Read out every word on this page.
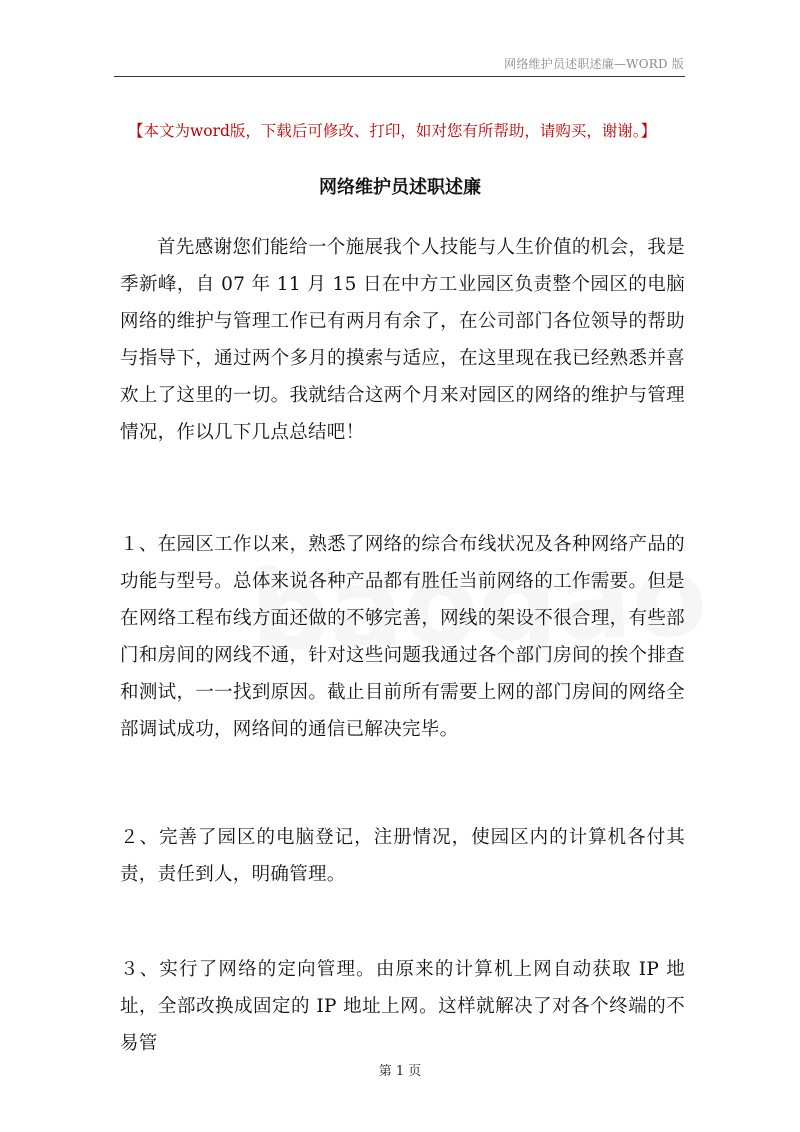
网络维护员述职述廉—WORD 版
【本文为word版，下载后可修改、打印，如对您有所帮助，请购买，谢谢。】
网络维护员述职述廉
首先感谢您们能给一个施展我个人技能与人生价值的机会，我是季新峰，自 07 年 11 月 15 日在中方工业园区负责整个园区的电脑网络的维护与管理工作已有两月有余了，在公司部门各位领导的帮助与指导下，通过两个多月的摸索与适应，在这里现在我已经熟悉并喜欢上了这里的一切。我就结合这两个月来对园区的网络的维护与管理情况，作以几下几点总结吧！
１、在园区工作以来，熟悉了网络的综合布线状况及各种网络产品的功能与型号。总体来说各种产品都有胜任当前网络的工作需要。但是在网络工程布线方面还做的不够完善，网线的架设不很合理，有些部门和房间的网线不通，针对这些问题我通过各个部门房间的挨个排查和测试，一一找到原因。截止目前所有需要上网的部门房间的网络全部调试成功，网络间的通信已解决完毕。
２、完善了园区的电脑登记，注册情况，使园区内的计算机各付其责，责任到人，明确管理。
３、实行了网络的定向管理。由原来的计算机上网自动获取 IP 地址，全部改换成固定的 IP 地址上网。这样就解决了对各个终端的不易管
第 1 页
